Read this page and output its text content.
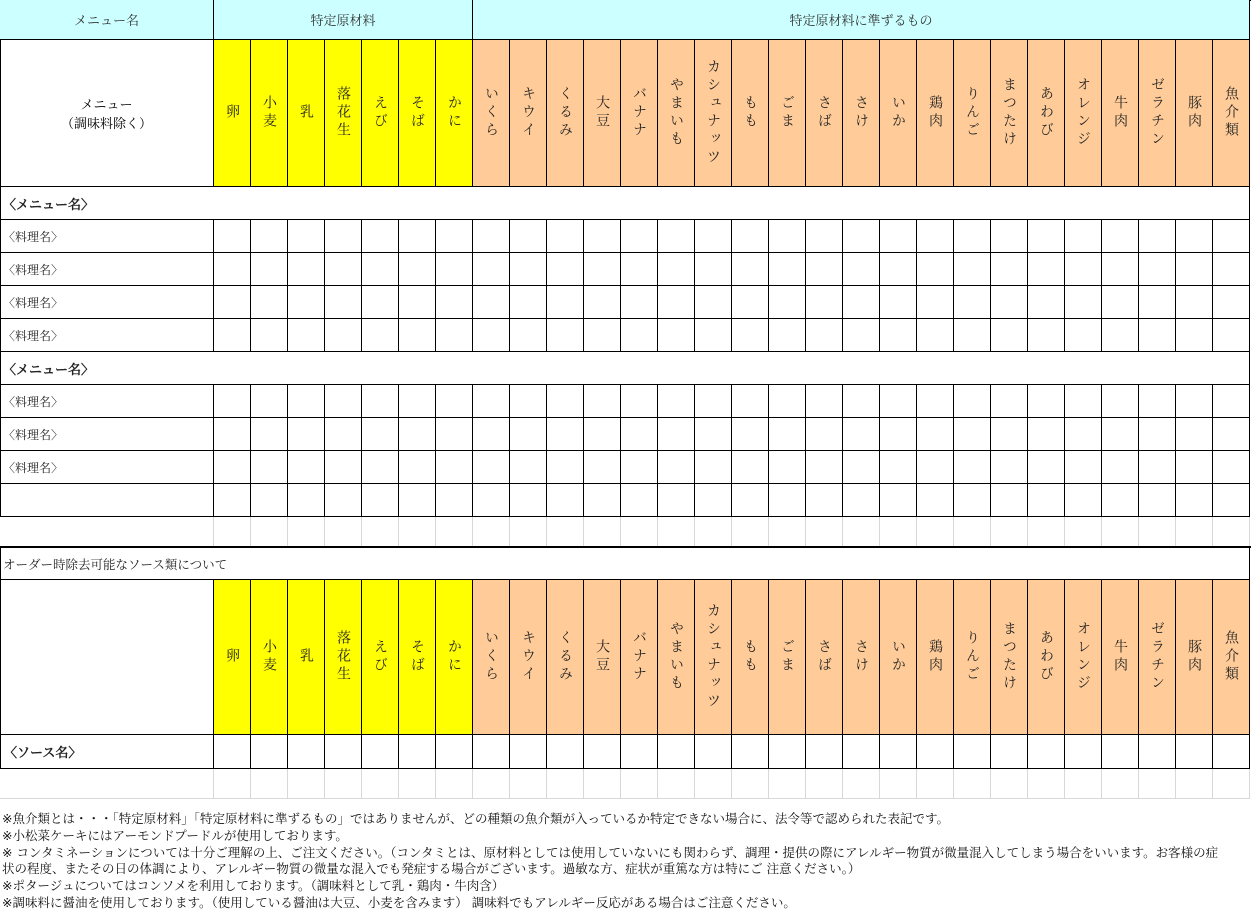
メニュー名	特定原材料	特定原材料に準ずるもの
メニュー
（調味料除く）
卵 小麦 乳 落花生 えび そば かに いくら キウイ くるみ 大豆 バナナ やまいも カシュナッツ もも ごま さば さけ いか 鶏肉 りんご まつたけ あわび オレンジ 牛肉 ゼラチン 豚肉 魚介類
〈メニュー名〉
〈料理名〉
〈料理名〉
〈料理名〉
〈料理名〉
〈メニュー名〉
〈料理名〉
〈料理名〉
〈料理名〉
オーダー時除去可能なソース類について
卵 小麦 乳 落花生 えび そば かに いくら キウイ くるみ 大豆 バナナ やまいも カシュナッツ もも ごま さば さけ いか 鶏肉 りんご まつたけ あわび オレンジ 牛肉 ゼラチン 豚肉 魚介類
〈ソース名〉
※魚介類とは・・・「特定原材料」「特定原材料に準ずるもの」ではありませんが、どの種類の魚介類が入っているか特定できない場合に、法令等で認められた表記です。
※小松菜ケーキにはアーモンドプードルが使用しております。
※ コンタミネーションについては十分ご理解の上、ご注文ください。（コンタミとは、原材料としては使用していないにも関わらず、調理・提供の際にアレルギー物質が微量混入してしまう場合をいいます。お客様の症
状の程度、またその日の体調により、アレルギー物質の微量な混入でも発症する場合がございます。過敏な方、症状が重篤な方は特にご 注意ください。）
※ポタージュについてはコンソメを利用しております。（調味料として乳・鶏肉・牛肉含）
※調味料に醤油を使用しております。（使用している醤油は大豆、小麦を含みます） 調味料でもアレルギー反応がある場合はご注意ください。
